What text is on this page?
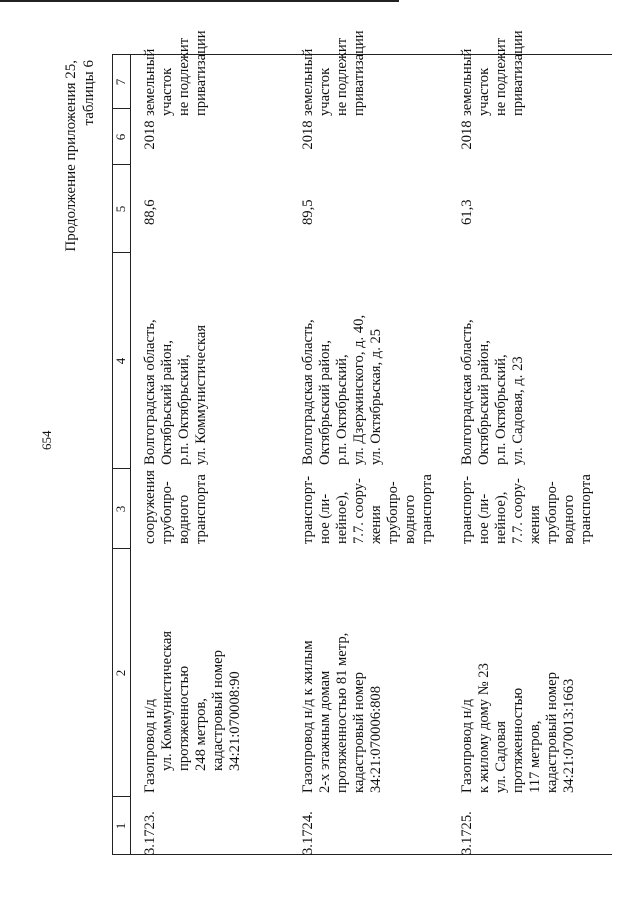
654
Продолжение приложения 25, таблицы 6
1
2
3
4
5
6
7
3.1723.
Газопровод н/д ул. Коммунистическая протяженностью 248 метров, кадастровый номер 34:21:070008:90
сооружения трубопро- водного транспорта
Волгоградская область, Октябрьский район, р.п. Октябрьский, ул. Коммунистическая
88,6
2018
земельный участок не подлежит приватизации
3.1724.
Газопровод н/д к жилым 2-х этажным домам протяженностью 81 метр, кадастровый номер 34:21:070006:808
транспорт- ное (ли- нейное), 7.7. соору- жения трубопро- водного транспорта
Волгоградская область, Октябрьский район, р.п. Октябрьский, ул. Дзержинского, д. 40, ул. Октябрьская, д. 25
89,5
2018
земельный участок не подлежит приватизации
3.1725.
Газопровод н/д к жилому дому № 23 ул. Садовая протяженностью 117 метров, кадастровый номер 34:21:070013:1663
транспорт- ное (ли- нейное), 7.7. соору- жения трубопро- водного транспорта
Волгоградская область, Октябрьский район, р.п. Октябрьский, ул. Садовая, д. 23
61,3
2018
земельный участок не подлежит приватизации
